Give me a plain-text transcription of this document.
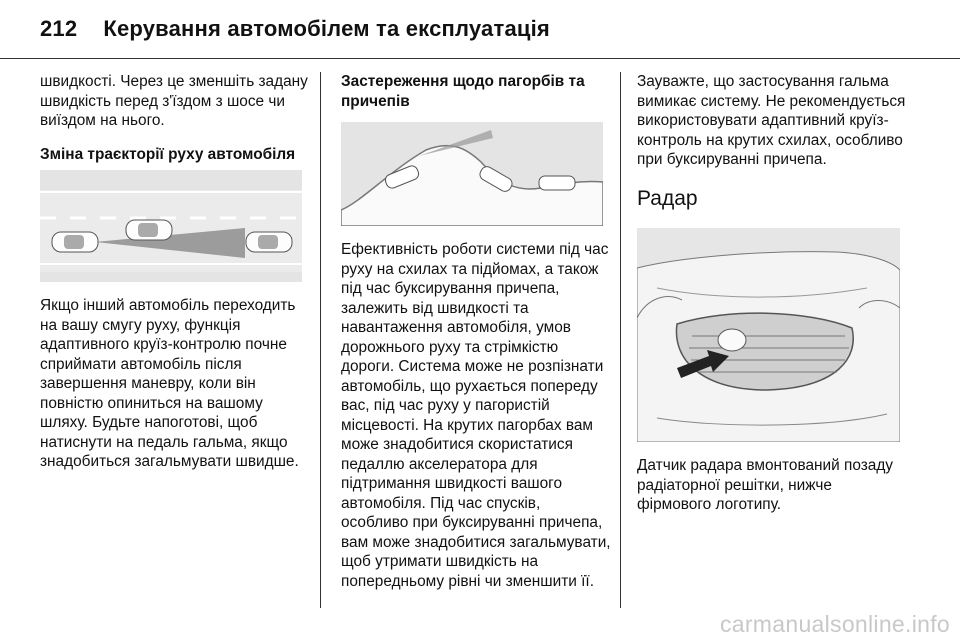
212 Керування автомобілем та експлуатація

швидкості. Через це зменшіть задану швидкість перед з'їздом з шосе чи виїздом на нього.

Зміна траєкторії руху автомобіля

Якщо інший автомобіль переходить на вашу смугу руху, функція адаптивного круїз-контролю почне сприймати автомобіль після завершення маневру, коли він повністю опиниться на вашому шляху. Будьте напоготові, щоб натиснути на педаль гальма, якщо знадобиться загальмувати швидше.

Застереження щодо пагорбів та причепів

Ефективність роботи системи під час руху на схилах та підйомах, а також під час буксирування причепа, залежить від швидкості та навантаження автомобіля, умов дорожнього руху та стрімкістю дороги. Система може не розпізнати автомобіль, що рухається попереду вас, під час руху у пагористій місцевості. На крутих пагорбах вам може знадобитися скористатися педаллю акселератора для підтримання швидкості вашого автомобіля. Під час спусків, особливо при буксируванні причепа, вам може знадобитися загальмувати, щоб утримати швидкість на попередньому рівні чи зменшити її.

Зауважте, що застосування гальма вимикає систему. Не рекомендується використовувати адаптивний круїз-контроль на крутих схилах, особливо при буксируванні причепа.

Радар

Датчик радара вмонтований позаду радіаторної решітки, нижче фірмового логотипу.

carmanualsonline.info
